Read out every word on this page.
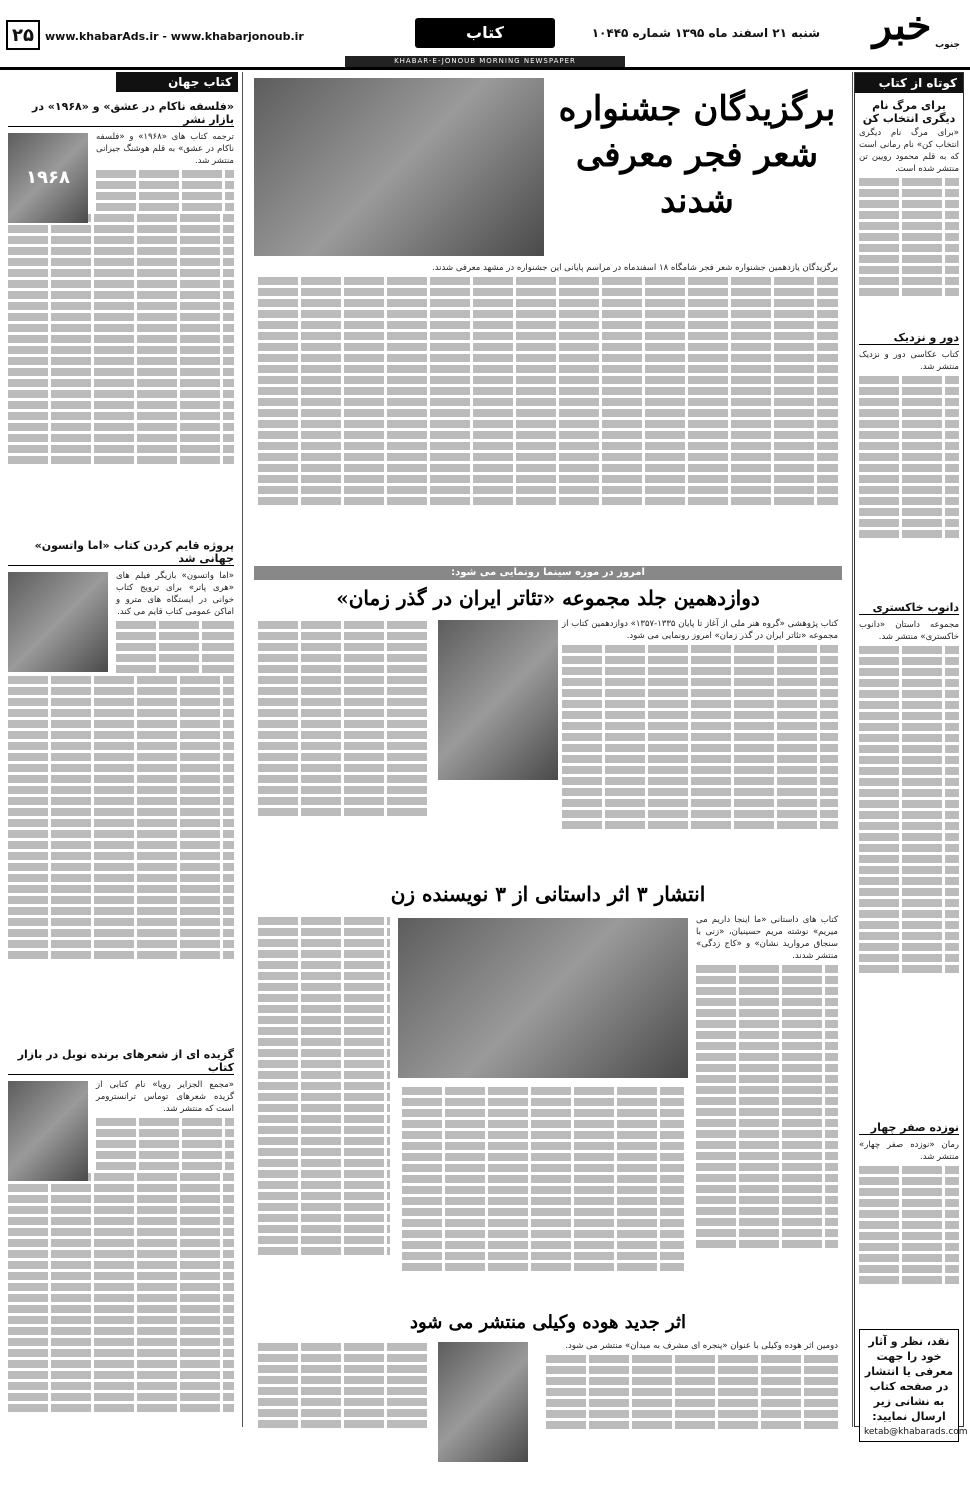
خبر جنوب
شنبه ۲۱ اسفند ماه ۱۳۹۵ شماره ۱۰۴۴۵
کتاب
www.khabarAds.ir - www.khabarjonoub.ir
۲۵
KHABAR-E-JONOUB MORNING NEWSPAPER
کوتاه از کتاب
برای مرگ نام دیگری انتخاب کن
«برای مرگ نام دیگری انتخاب کن» نام رمانی است که به قلم محمود رویین تن منتشر شده است.
دور و نزدیک
کتاب عکاسی دور و نزدیک منتشر شد.
دانوب خاکستری
مجموعه داستان «دانوب خاکستری» منتشر شد.
نوزده صفر چهار
رمان «نوزده صفر چهار» منتشر شد.
نقد، نظر و آثار خود را جهت معرفی یا انتشار در صفحه کتاب به نشانی زیر ارسال نمایید:
ketab@khabarads.com
برگزیدگان جشنواره شعر فجر معرفی شدند
برگزیدگان یازدهمین جشنواره شعر فجر شامگاه ۱۸ اسفندماه در مراسم پایانی این جشنواره در مشهد معرفی شدند.
امروز در موزه سینما رونمایی می شود:
دوازدهمین جلد مجموعه «تئاتر ایران در گذر زمان»
کتاب پژوهشی «گروه هنر ملی از آغاز تا پایان ۱۳۳۵-۱۳۵۷» دوازدهمین کتاب از مجموعه «تئاتر ایران در گذر زمان» امروز رونمایی می شود.
انتشار ۳ اثر داستانی از ۳ نویسنده زن
کتاب های داستانی «ما اینجا داریم می میریم» نوشته مریم حسینیان، «زنی با سنجاق مروارید نشان» و «کاج زدگی» منتشر شدند.
اثر جدید هوده وکیلی منتشر می شود
دومین اثر هوده وکیلی با عنوان «پنجره ای مشرف به میدان» منتشر می شود.
کتاب جهان
«فلسفه ناکام در عشق» و «۱۹۶۸» در بازار نشر
۱۹۶۸
ترجمه کتاب های «۱۹۶۸» و «فلسفه ناکام در عشق» به قلم هوشنگ جیرانی منتشر شد.
پروژه قایم کردن کتاب «اما واتسون» جهانی شد
«اما واتسون» بازیگر فیلم های «هری پاتر» برای ترویج کتاب خوانی در ایستگاه های مترو و اماکن عمومی کتاب قایم می کند.
گزیده ای از شعرهای برنده نوبل در بازار کتاب
«مجمع الجزایر رویا» نام کتابی از گزیده شعرهای توماس ترانسترومر است که منتشر شد.
